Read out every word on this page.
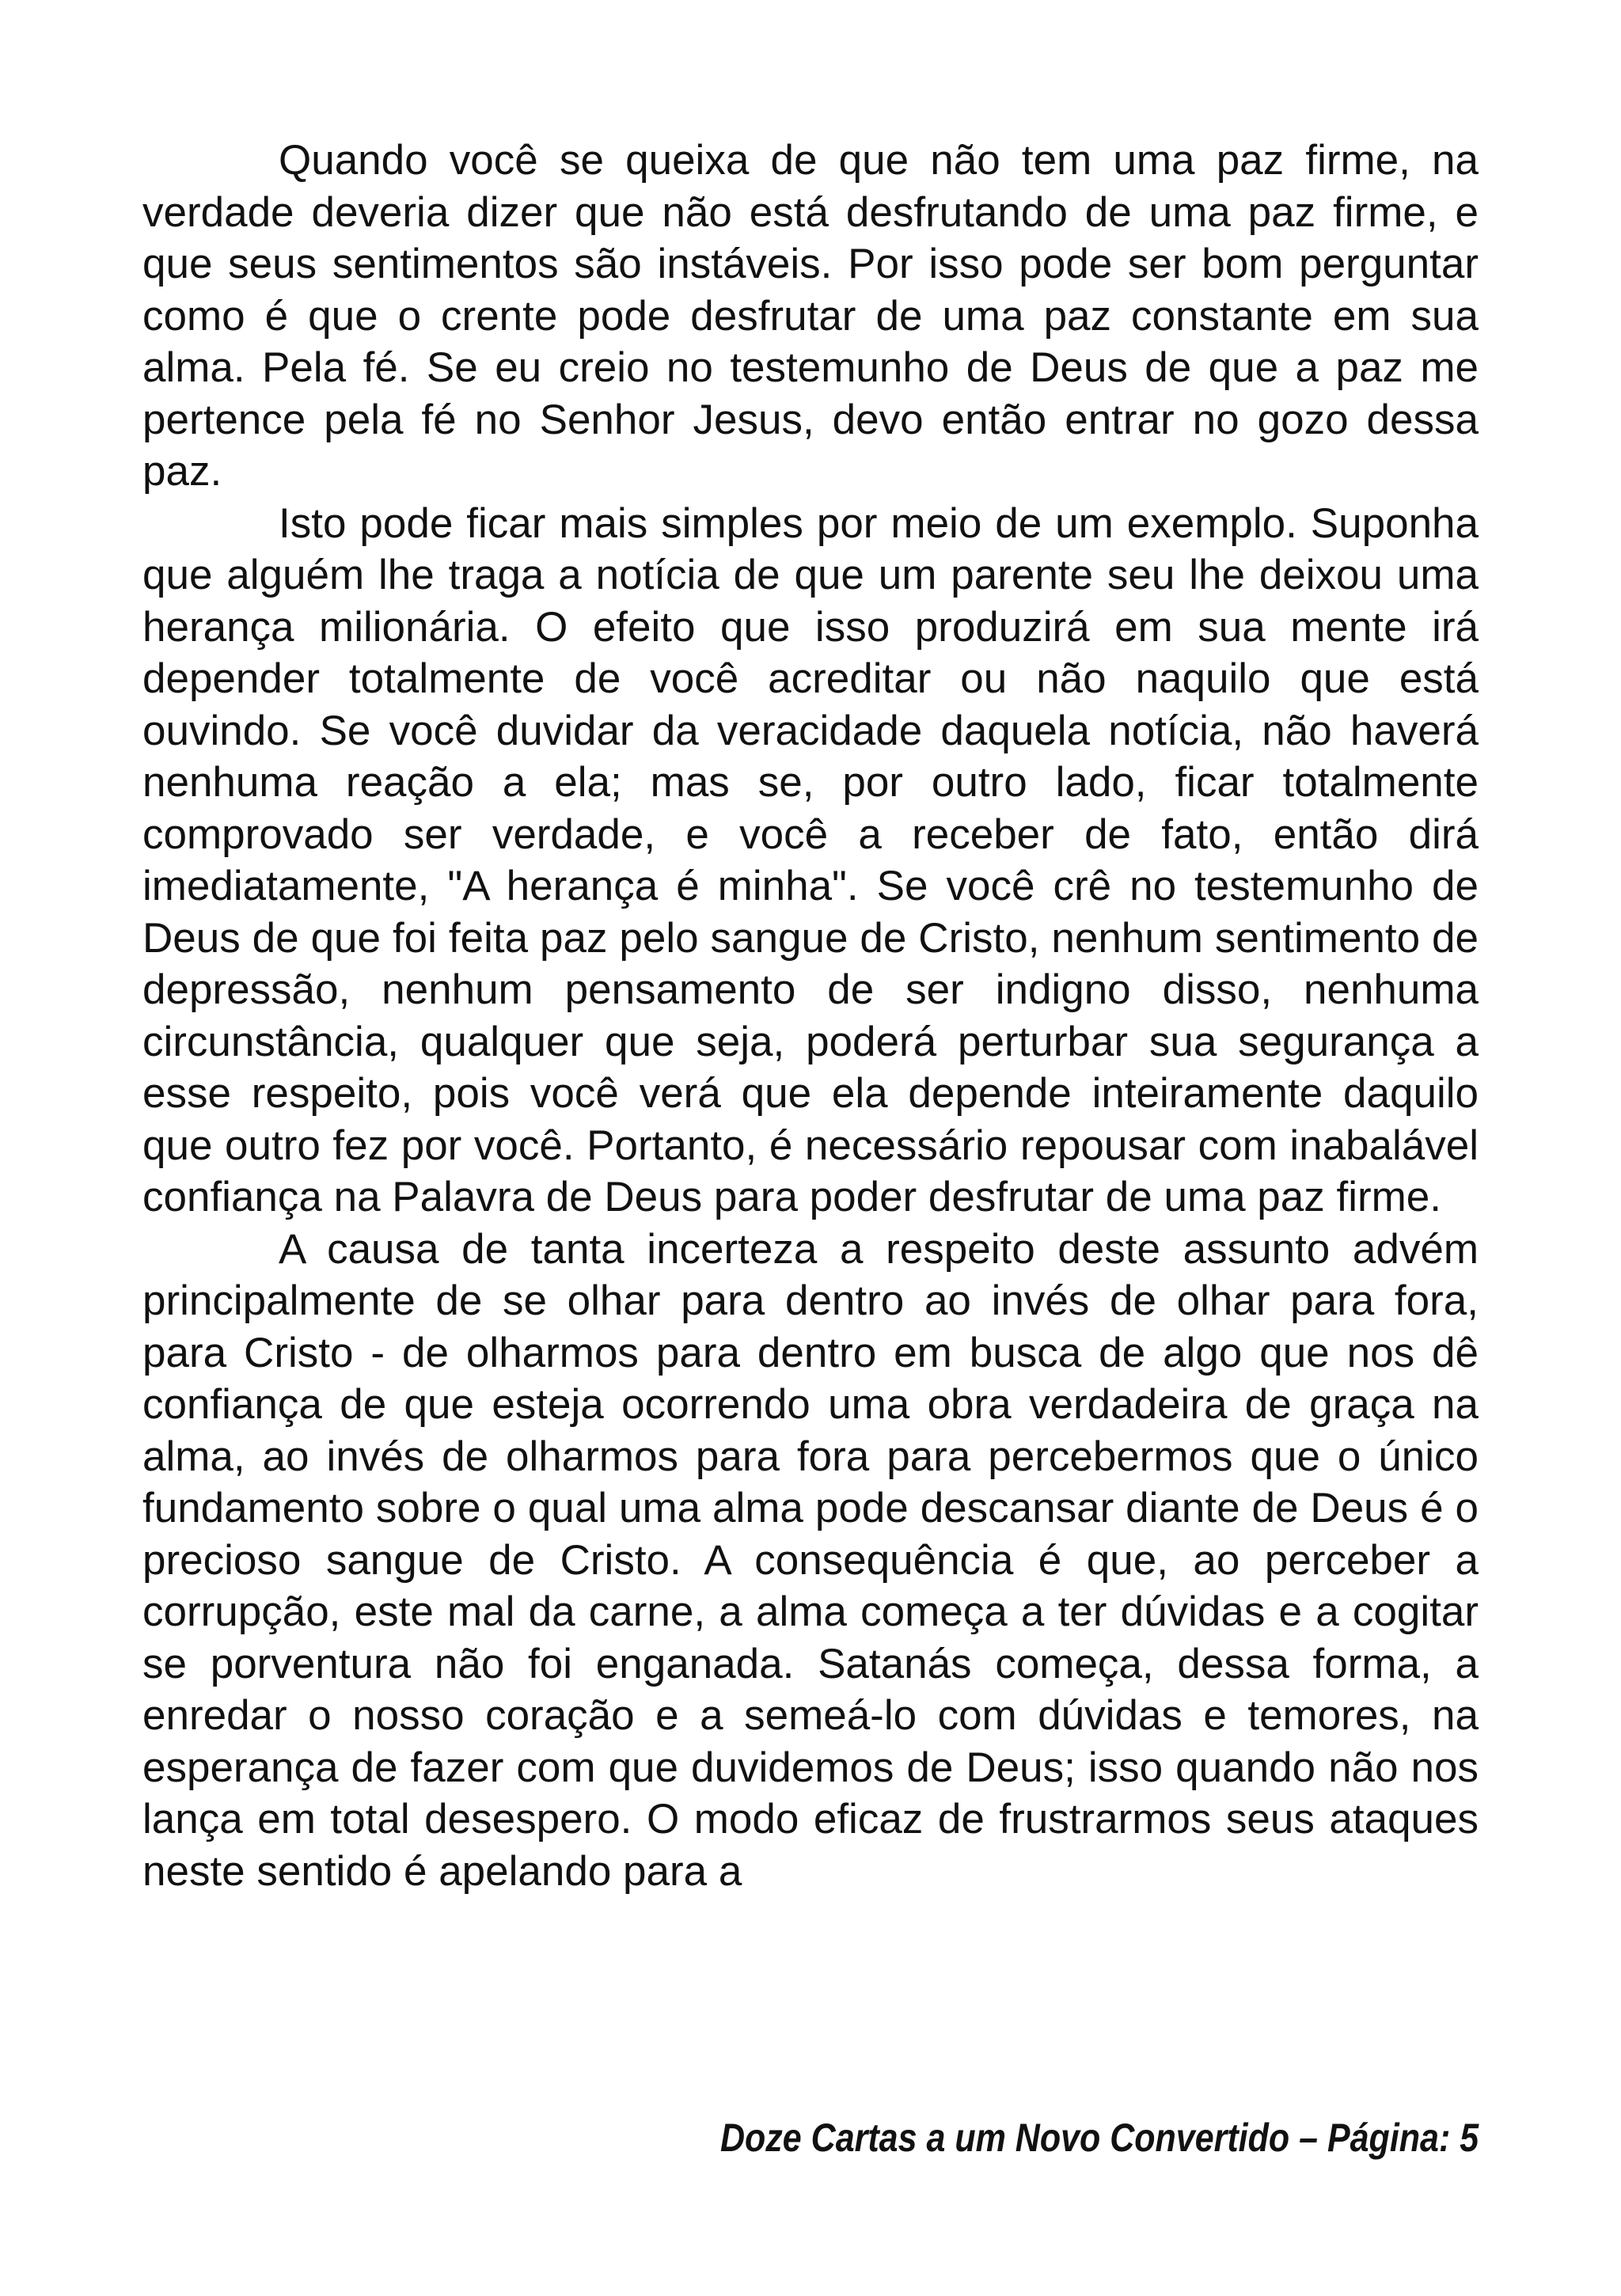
Quando você se queixa de que não tem uma paz firme, na verdade deveria dizer que não está desfrutando de uma paz firme, e que seus sentimentos são instáveis. Por isso pode ser bom perguntar como é que o crente pode desfrutar de uma paz constante em sua alma. Pela fé. Se eu creio no testemunho de Deus de que a paz me pertence pela fé no Senhor Jesus, devo então entrar no gozo dessa paz.

Isto pode ficar mais simples por meio de um exemplo. Suponha que alguém lhe traga a notícia de que um parente seu lhe deixou uma herança milionária. O efeito que isso produzirá em sua mente irá depender totalmente de você acreditar ou não naquilo que está ouvindo. Se você duvidar da veracidade daquela notícia, não haverá nenhuma reação a ela; mas se, por outro lado, ficar totalmente comprovado ser verdade, e você a receber de fato, então dirá imediatamente, "A herança é minha". Se você crê no testemunho de Deus de que foi feita paz pelo sangue de Cristo, nenhum sentimento de depressão, nenhum pensamento de ser indigno disso, nenhuma circunstância, qualquer que seja, poderá perturbar sua segurança a esse respeito, pois você verá que ela depende inteiramente daquilo que outro fez por você. Portanto, é necessário repousar com inabalável confiança na Palavra de Deus para poder desfrutar de uma paz firme.

A causa de tanta incerteza a respeito deste assunto advém principalmente de se olhar para dentro ao invés de olhar para fora, para Cristo - de olharmos para dentro em busca de algo que nos dê confiança de que esteja ocorrendo uma obra verdadeira de graça na alma, ao invés de olharmos para fora para percebermos que o único fundamento sobre o qual uma alma pode descansar diante de Deus é o precioso sangue de Cristo. A consequência é que, ao perceber a corrupção, este mal da carne, a alma começa a ter dúvidas e a cogitar se porventura não foi enganada. Satanás começa, dessa forma, a enredar o nosso coração e a semeá-lo com dúvidas e temores, na esperança de fazer com que duvidemos de Deus; isso quando não nos lança em total desespero. O modo eficaz de frustrarmos seus ataques neste sentido é apelando para a

Doze Cartas a um Novo Convertido – Página: 5
